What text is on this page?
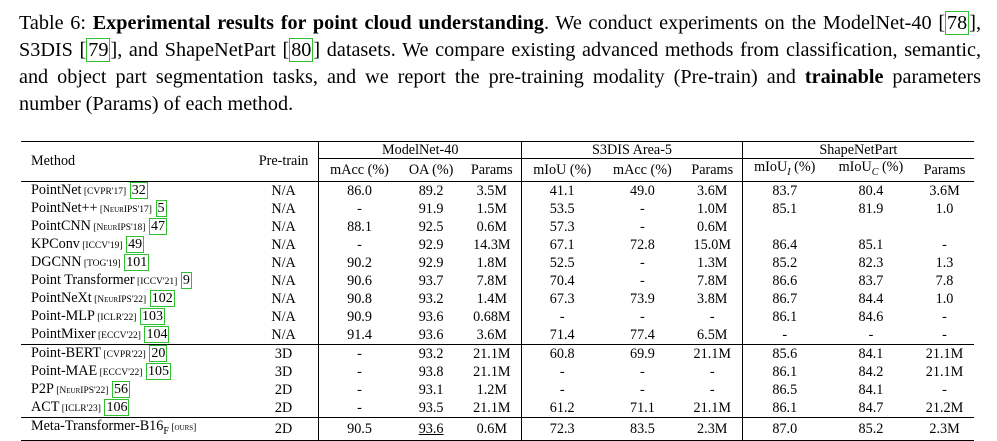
Table 6: Experimental results for point cloud understanding. We conduct experiments on the ModelNet-40 [78], S3DIS [79], and ShapeNetPart [80] datasets. We compare existing advanced methods from classification, semantic, and object part segmentation tasks, and we report the pre-training modality (Pre-train) and trainable parameters number (Params) of each method.
Method	Pre-train	ModelNet-40			S3DIS Area-5			ShapeNetPart		
		mAcc (%)	OA (%)	Params	mIoU (%)	mAcc (%)	Params	mIoU$_I$ (%)	mIoU$_C$ (%)	Params
PointNet [CVPR'17] 32	N/A	86.0	89.2	3.5M	41.1	49.0	3.6M	83.7	80.4	3.6M
PointNet++ [NeurIPS'17] 5	N/A	-	91.9	1.5M	53.5	-	1.0M	85.1	81.9	1.0
PointCNN [NeurIPS'18] 47	N/A	88.1	92.5	0.6M	57.3	-	0.6M			
KPConv [ICCV'19] 49	N/A	-	92.9	14.3M	67.1	72.8	15.0M	86.4	85.1	-
DGCNN [TOG'19] 101	N/A	90.2	92.9	1.8M	52.5	-	1.3M	85.2	82.3	1.3
Point Transformer [ICCV'21] 9	N/A	90.6	93.7	7.8M	70.4	-	7.8M	86.6	83.7	7.8
PointNeXt [NeurIPS'22] 102	N/A	90.8	93.2	1.4M	67.3	73.9	3.8M	86.7	84.4	1.0
Point-MLP [ICLR'22] 103	N/A	90.9	93.6	0.68M	-	-	-	86.1	84.6	-
PointMixer [ECCV'22] 104	N/A	91.4	93.6	3.6M	71.4	77.4	6.5M	-	-	-
Point-BERT [CVPR'22] 20	3D	-	93.2	21.1M	60.8	69.9	21.1M	85.6	84.1	21.1M
Point-MAE [ECCV'22] 105	3D	-	93.8	21.1M	-	-	-	86.1	84.2	21.1M
P2P [NeurIPS'22] 56	2D	-	93.1	1.2M	-	-	-	86.5	84.1	-
ACT [ICLR'23] 106	2D	-	93.5	21.1M	61.2	71.1	21.1M	86.1	84.7	21.2M
Meta-$Transformer-B16_F$ [ours]	2D	90.5	93.6	0.6M	72.3	83.5	2.3M	87.0	85.2	2.3M
